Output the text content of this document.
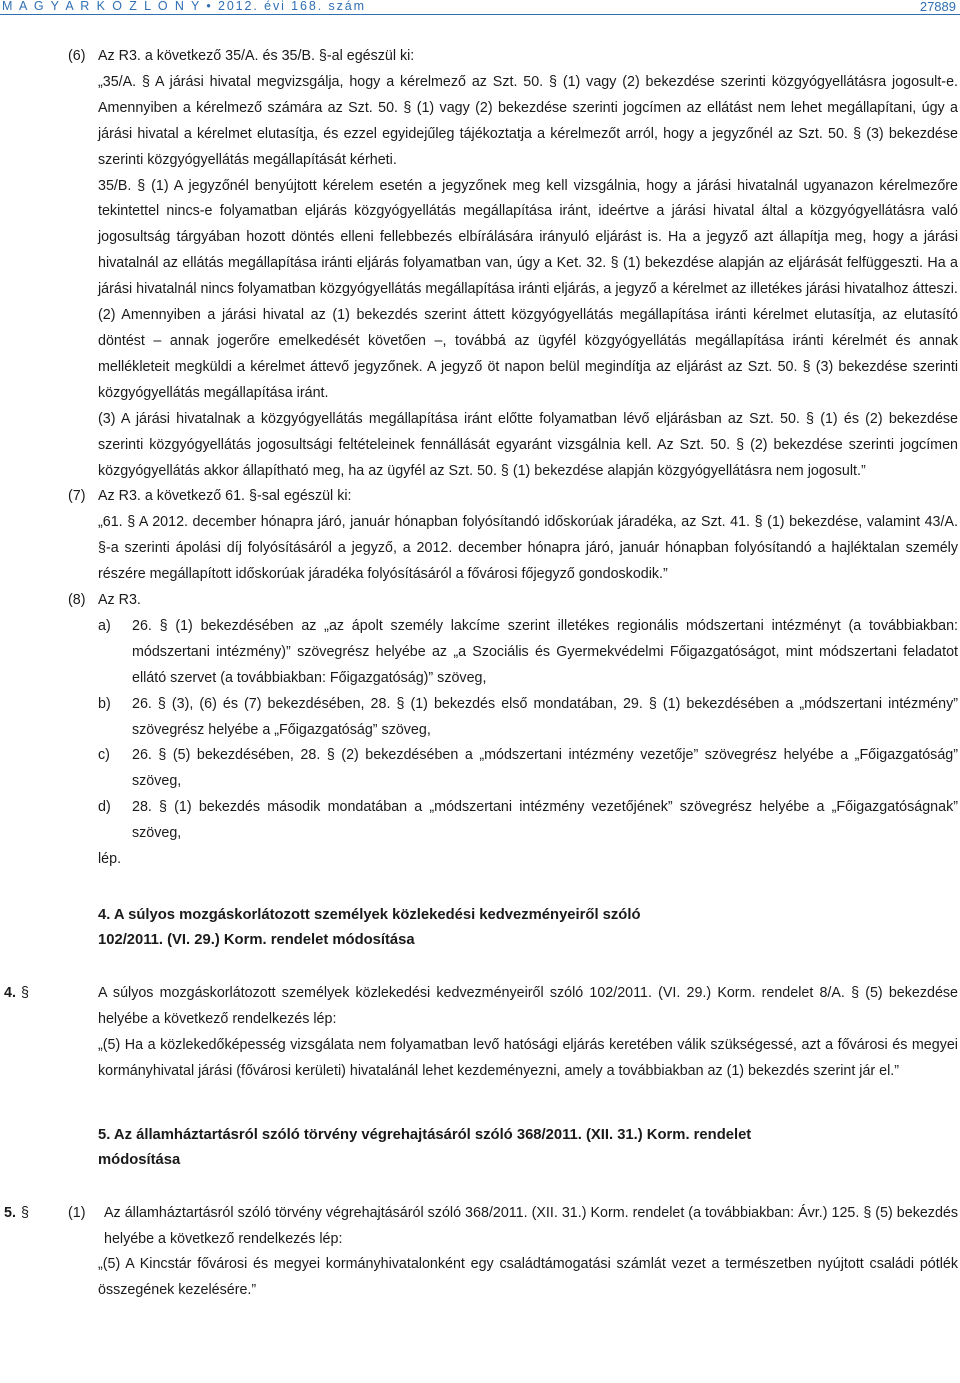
M A G Y A R K Ö Z L Ö N Y • 2012. évi 168. szám	27889
(6) Az R3. a következő 35/A. és 35/B. §-al egészül ki:
„35/A. § A járási hivatal megvizsgálja, hogy a kérelmező az Szt. 50. § (1) vagy (2) bekezdése szerinti közgyógyellátásra jogosult-e. Amennyiben a kérelmező számára az Szt. 50. § (1) vagy (2) bekezdése szerinti jogcímen az ellátást nem lehet megállapítani, úgy a járási hivatal a kérelmet elutasítja, és ezzel egyidejűleg tájékoztatja a kérelmezőt arról, hogy a jegyzőnél az Szt. 50. § (3) bekezdése szerinti közgyógyellátás megállapítását kérheti.
35/B. § (1) A jegyzőnél benyújtott kérelem esetén a jegyzőnek meg kell vizsgálnia, hogy a járási hivatalnál ugyanazon kérelmezőre tekintettel nincs-e folyamatban eljárás közgyógyellátás megállapítása iránt, ideértve a járási hivatal által a közgyógyellátásra való jogosultság tárgyában hozott döntés elleni fellebbezés elbírálására irányuló eljárást is. Ha a jegyző azt állapítja meg, hogy a járási hivatalnál az ellátás megállapítása iránti eljárás folyamatban van, úgy a Ket. 32. § (1) bekezdése alapján az eljárását felfüggeszti. Ha a járási hivatalnál nincs folyamatban közgyógyellátás megállapítása iránti eljárás, a jegyző a kérelmet az illetékes járási hivatalhoz átteszi.
(2) Amennyiben a járási hivatal az (1) bekezdés szerint áttett közgyógyellátás megállapítása iránti kérelmet elutasítja, az elutasító döntést – annak jogerőre emelkedését követően –, továbbá az ügyfél közgyógyellátás megállapítása iránti kérelmét és annak mellékleteit megküldi a kérelmet áttevő jegyzőnek. A jegyző öt napon belül megindítja az eljárást az Szt. 50. § (3) bekezdése szerinti közgyógyellátás megállapítása iránt.
(3) A járási hivatalnak a közgyógyellátás megállapítása iránt előtte folyamatban lévő eljárásban az Szt. 50. § (1) és (2) bekezdése szerinti közgyógyellátás jogosultsági feltételeinek fennállását egyaránt vizsgálnia kell. Az Szt. 50. § (2) bekezdése szerinti jogcímen közgyógyellátás akkor állapítható meg, ha az ügyfél az Szt. 50. § (1) bekezdése alapján közgyógyellátásra nem jogosult.”
(7) Az R3. a következő 61. §-sal egészül ki:
„61. § A 2012. december hónapra járó, január hónapban folyósítandó időskorúak járadéka, az Szt. 41. § (1) bekezdése, valamint 43/A. §-a szerinti ápolási díj folyósításáról a jegyző, a 2012. december hónapra járó, január hónapban folyósítandó a hajléktalan személy részére megállapított időskorúak járadéka folyósításáról a fővárosi főjegyző gondoskodik.”
(8) Az R3.
a) 26. § (1) bekezdésében az „az ápolt személy lakcíme szerint illetékes regionális módszertani intézményt (a továbbiakban: módszertani intézmény)” szövegrész helyébe az „a Szociális és Gyermekvédelmi Főigazgatóságot, mint módszertani feladatot ellátó szervet (a továbbiakban: Főigazgatóság)” szöveg,
b) 26. § (3), (6) és (7) bekezdésében, 28. § (1) bekezdés első mondatában, 29. § (1) bekezdésében a „módszertani intézmény” szövegrész helyébe a „Főigazgatóság” szöveg,
c) 26. § (5) bekezdésében, 28. § (2) bekezdésében a „módszertani intézmény vezetője” szövegrész helyébe a „Főigazgatóság” szöveg,
d) 28. § (1) bekezdés második mondatában a „módszertani intézmény vezetőjének” szövegrész helyébe a „Főigazgatóságnak” szöveg,
lép.
4. A súlyos mozgáskorlátozott személyek közlekedési kedvezményeiről szóló
102/2011. (VI. 29.) Korm. rendelet módosítása
4. §	A súlyos mozgáskorlátozott személyek közlekedési kedvezményeiről szóló 102/2011. (VI. 29.) Korm. rendelet 8/A. § (5) bekezdése helyébe a következő rendelkezés lép:
„(5) Ha a közlekedőképesség vizsgálata nem folyamatban levő hatósági eljárás keretében válik szükségessé, azt a fővárosi és megyei kormányhivatal járási (fővárosi kerületi) hivatalánál lehet kezdeményezni, amely a továbbiakban az (1) bekezdés szerint jár el.”
5. Az államháztartásról szóló törvény végrehajtásáról szóló 368/2011. (XII. 31.) Korm. rendelet
módosítása
5. §	(1) Az államháztartásról szóló törvény végrehajtásáról szóló 368/2011. (XII. 31.) Korm. rendelet (a továbbiakban: Ávr.) 125. § (5) bekezdés helyébe a következő rendelkezés lép:
„(5) A Kincstár fővárosi és megyei kormányhivatalonként egy családtámogatási számlát vezet a természetben nyújtott családi pótlék összegének kezelésére.”
